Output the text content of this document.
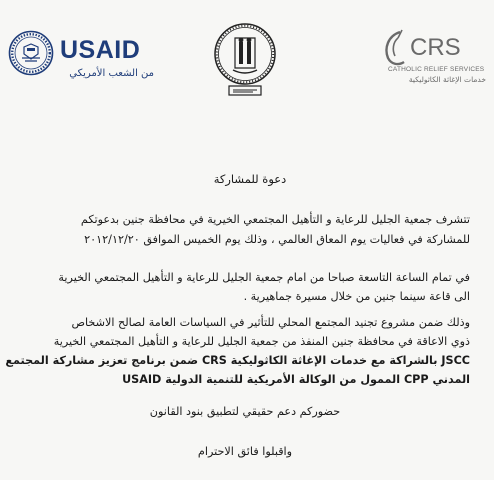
USAID
من الشعب الأمريكي
CRS
CATHOLIC RELIEF SERVICES
خدمات الإغاثة الكاثوليكية
دعوة للمشاركة
تتشرف جمعية الجليل للرعاية و التأهيل المجتمعي الخيرية في محافظة جنين بدعوتكم
للمشاركة في فعاليات يوم المعاق العالمي ، وذلك يوم الخميس الموافق ٢٠١٢/١٢/٢٠
في تمام الساعة التاسعة صباحا من امام جمعية الجليل للرعاية و التأهيل المجتمعي الخيرية
الى قاعة سينما جنين من خلال مسيرة جماهيرية .
وذلك ضمن مشروع تجنيد المجتمع المحلي للتأثير في السياسات العامة لصالح الاشخاص
ذوي الاعاقة في محافظة جنين المنفذ من جمعية الجليل للرعاية و التأهيل المجتمعي الخيرية
JSCC بالشراكة مع خدمات الإغاثة الكاثوليكية CRS ضمن برنامج تعزيز مشاركة المجتمع
المدني CPP الممول من الوكالة الأمريكية للتنمية الدولية USAID
حضوركم دعم حقيقي لتطبيق بنود القانون
واقبلوا فائق الاحترام
